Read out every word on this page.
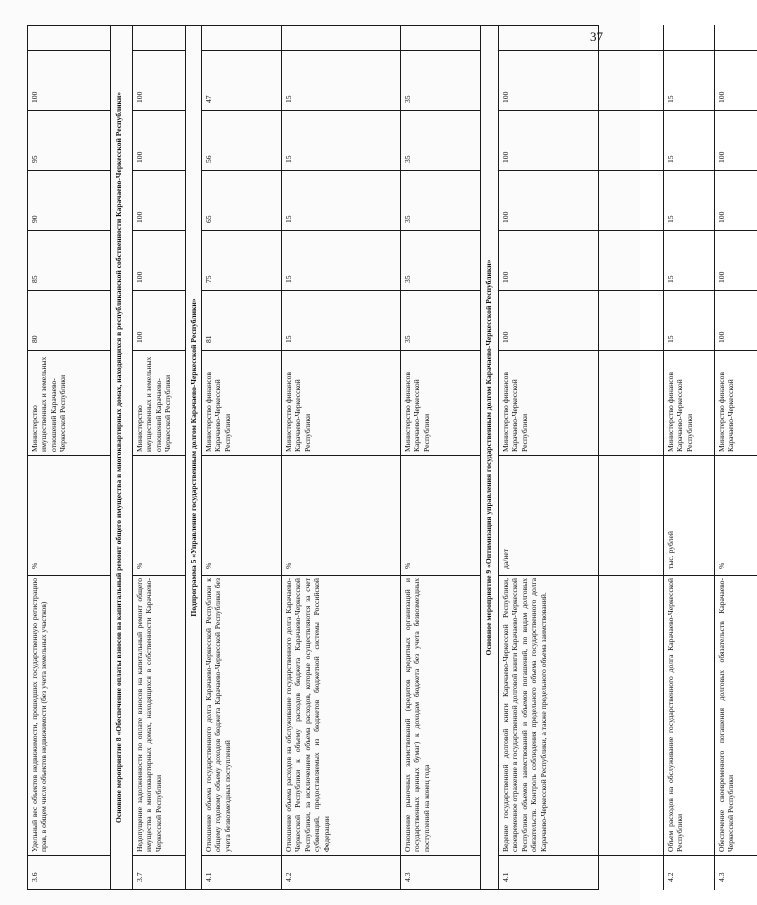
37
3.6
Удельный вес объектов недвижимости, прошедших государственную регистрацию прав, в общем числе объектов недвижимости (без учета земельных участков)
%
Министерство имущественных и земельных отношений Карачаево-Черкесской Республики
80
85
90
95
100	Основное мероприятие 8 «Обеспечение оплаты взносов на капитальный ремонт общего имущества в многоквартирных домах, находящихся в республиканской собственности Карачаево-Черкесской Республики»
3.7
Недопущение задолженности по оплате взносов на капитальный ремонт общего имущества в многоквартирных домах, находящихся в собственности Карачаево-Черкесской Республики
%
Министерство имущественных и земельных отношений Карачаево-Черкесской Республики
100
100
100
100
100
Подпрограмма 5 «Управление государственным долгом Карачаево-Черкесской Республики»
4.1
Отношение объема государственного долга Карачаево-Черкесской Республики к общему годовому объему доходов бюджета Карачаево-Черкесской Республики без учета безвозмездных поступлений
%
Министерство финансов Карачаево-Черкесской Республики
81
75
65
56
47
4.2
Отношение объема расходов на обслуживание государственного долга Карачаево-Черкесской Республики к объему расходов бюджета Карачаево-Черкесской Республики, за исключением объема расходов, которые осуществляются за счет субвенций, предоставляемых из бюджетов бюджетной системы Российской Федерации
%
Министерство финансов Карачаево-Черкесской Республики
15
15
15
15
15
4.3
Отношение рыночных заимствований (кредитов кредитных организаций и государственных ценных бумаг) к доходам бюджета без учета безвозмездных поступлений на конец года
%
Министерство финансов Карачаево-Черкесской Республики
35
35
35
35
35
Основное мероприятие 9 «Оптимизация управления государственным долгом Карачаево-Черкесской Республики»
4.1
Ведение государственной долговой книги Карачаево-Черкесской Республики, своевременное отражение в государственной долговой книги Карачаево-Черкесской Республики объемов заимствований и объемов погашений, по видам долговых обязательств. Контроль соблюдения предельного объема государственного долга Карачаево-Черкесской Республики, а также предельного объема заимствований.
да/нет
Министерство финансов Карачаево-Черкесской Республики
100
100
100
100
100
4.2
Объем расходов на обслуживание государственного долга Карачаево-Черкесской Республики
тыс. рублей
Министерство финансов Карачаево-Черкесской Республики
15
15
15
15
15
4.3
Обеспечение своевременного погашения долговых обязательств Карачаево-Черкесской Республики
%
Министерство финансов Карачаево-Черкесской
100
100
100
100
100
